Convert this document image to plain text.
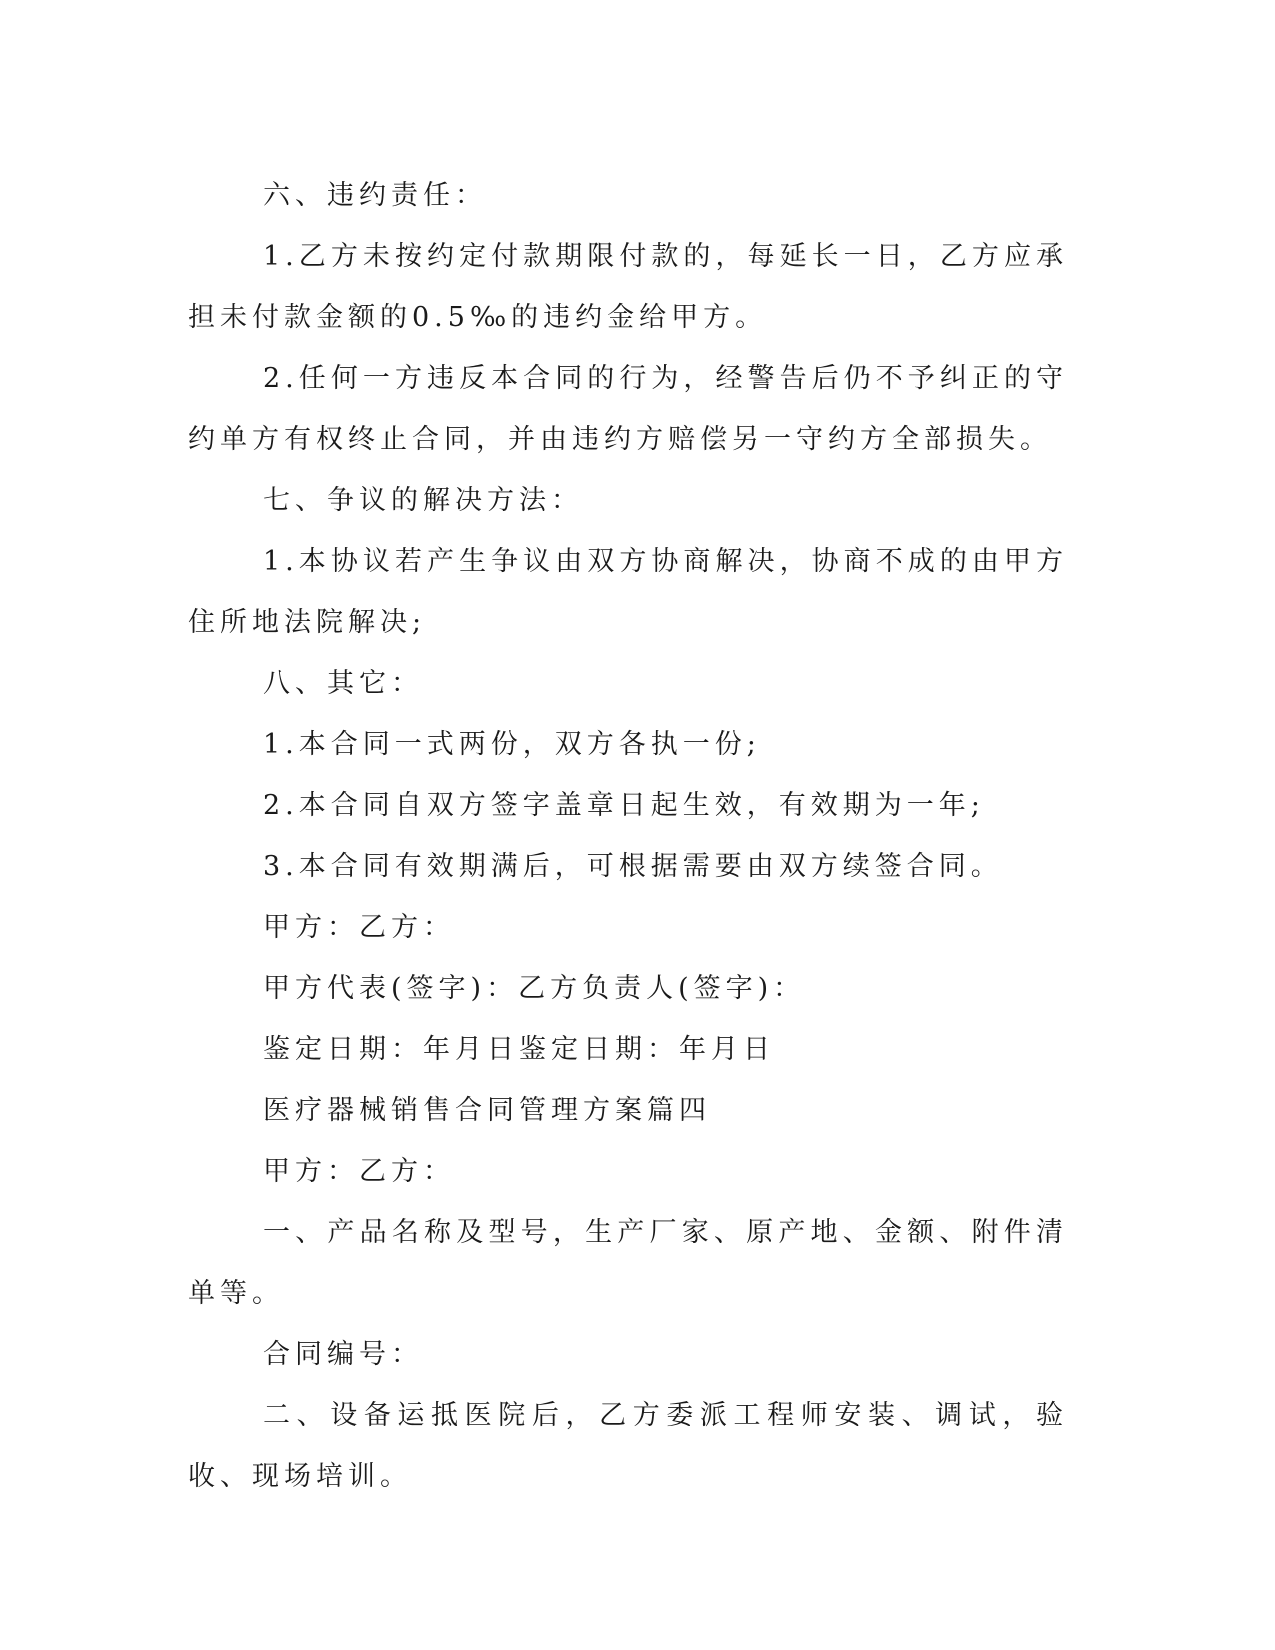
六、违约责任：

1.乙方未按约定付款期限付款的，每延长一日，乙方应承担未付款金额的0.5‰的违约金给甲方。

2.任何一方违反本合同的行为，经警告后仍不予纠正的守约单方有权终止合同，并由违约方赔偿另一守约方全部损失。

七、争议的解决方法：

1.本协议若产生争议由双方协商解决，协商不成的由甲方住所地法院解决;

八、其它：

1.本合同一式两份，双方各执一份;

2.本合同自双方签字盖章日起生效，有效期为一年;

3.本合同有效期满后，可根据需要由双方续签合同。

甲方：乙方：

甲方代表(签字)：乙方负责人(签字)：

鉴定日期：年月日鉴定日期：年月日

医疗器械销售合同管理方案篇四

甲方：乙方：

一、产品名称及型号，生产厂家、原产地、金额、附件清单等。

合同编号：

二、设备运抵医院后，乙方委派工程师安装、调试，验收、现场培训。
